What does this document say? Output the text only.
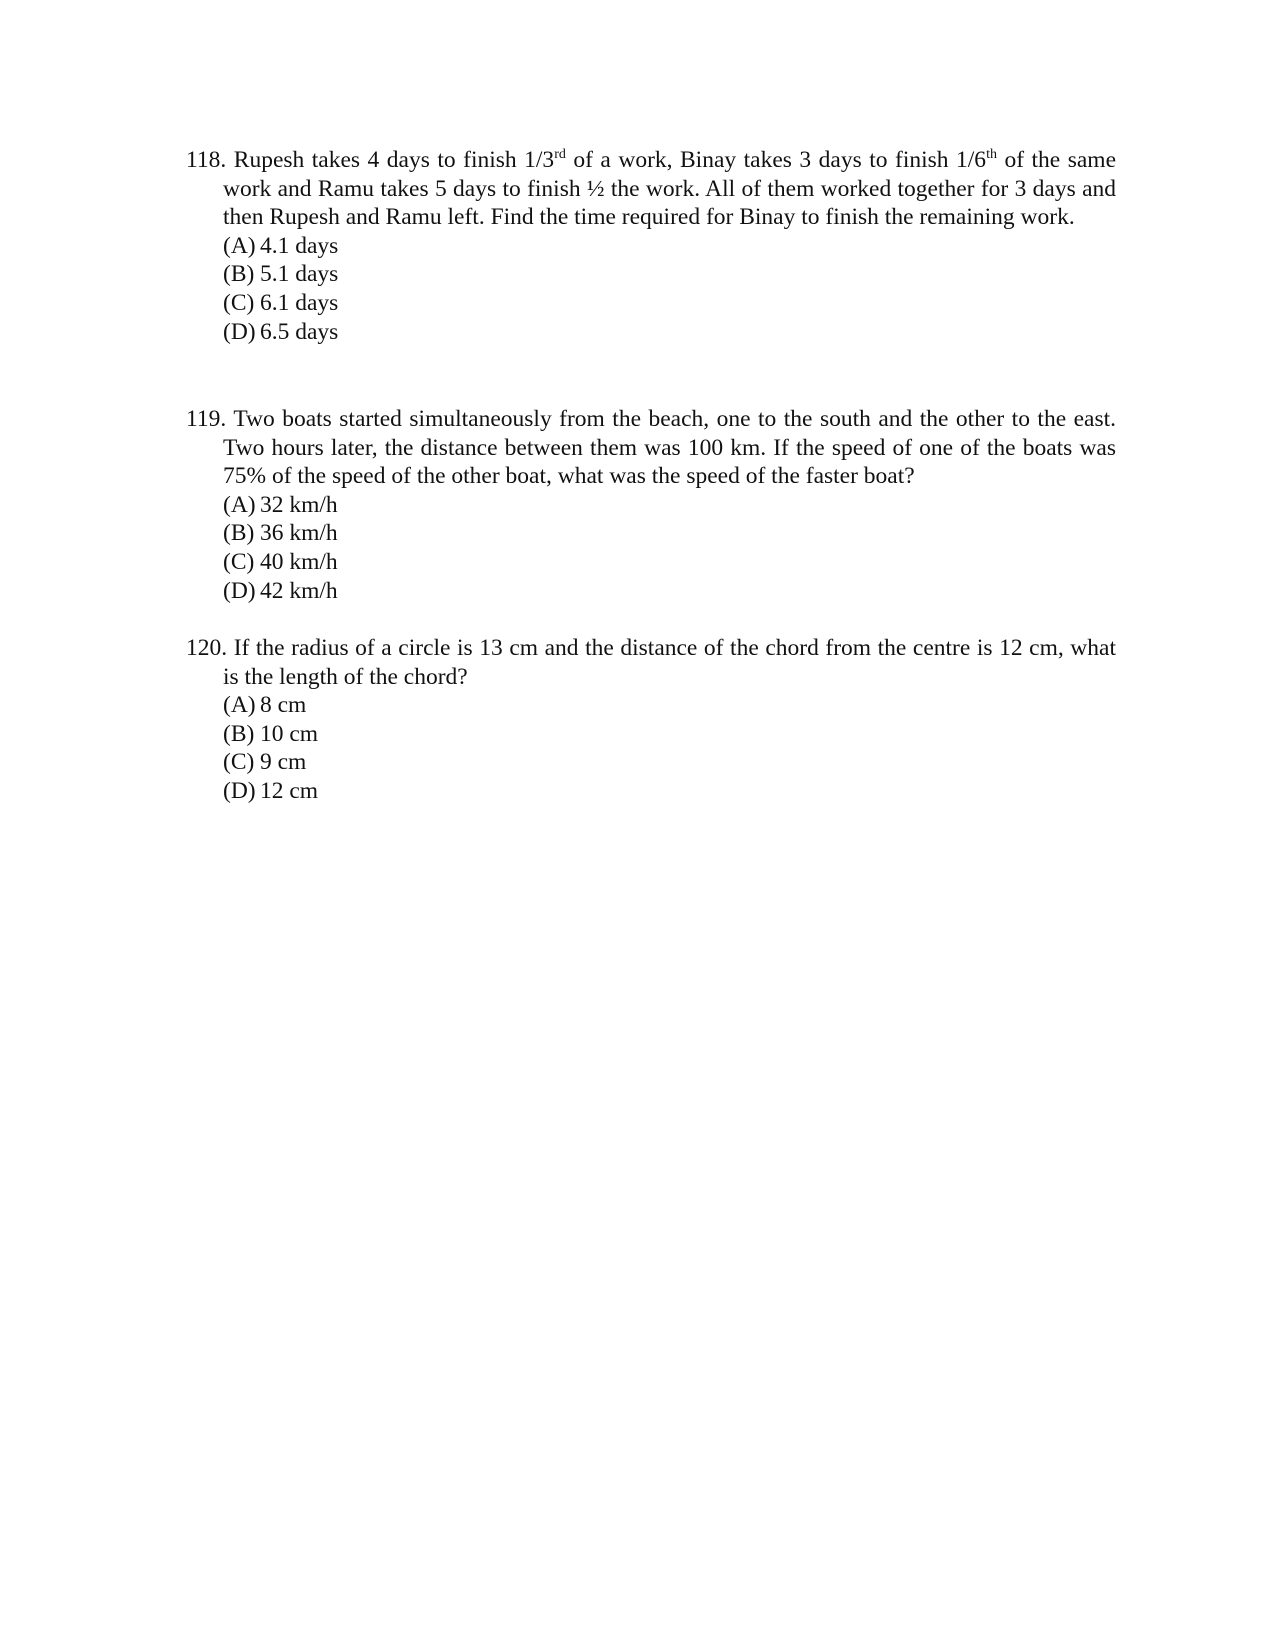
118. Rupesh takes 4 days to finish 1/3rd of a work, Binay takes 3 days to finish 1/6th of the same work and Ramu takes 5 days to finish ½ the work. All of them worked together for 3 days and then Rupesh and Ramu left. Find the time required for Binay to finish the remaining work.
(A) 4.1 days
(B) 5.1 days
(C) 6.1 days
(D) 6.5 days
119. Two boats started simultaneously from the beach, one to the south and the other to the east. Two hours later, the distance between them was 100 km. If the speed of one of the boats was 75% of the speed of the other boat, what was the speed of the faster boat?
(A) 32 km/h
(B) 36 km/h
(C) 40 km/h
(D) 42 km/h
120. If the radius of a circle is 13 cm and the distance of the chord from the centre is 12 cm, what is the length of the chord?
(A) 8 cm
(B) 10 cm
(C) 9 cm
(D) 12 cm
